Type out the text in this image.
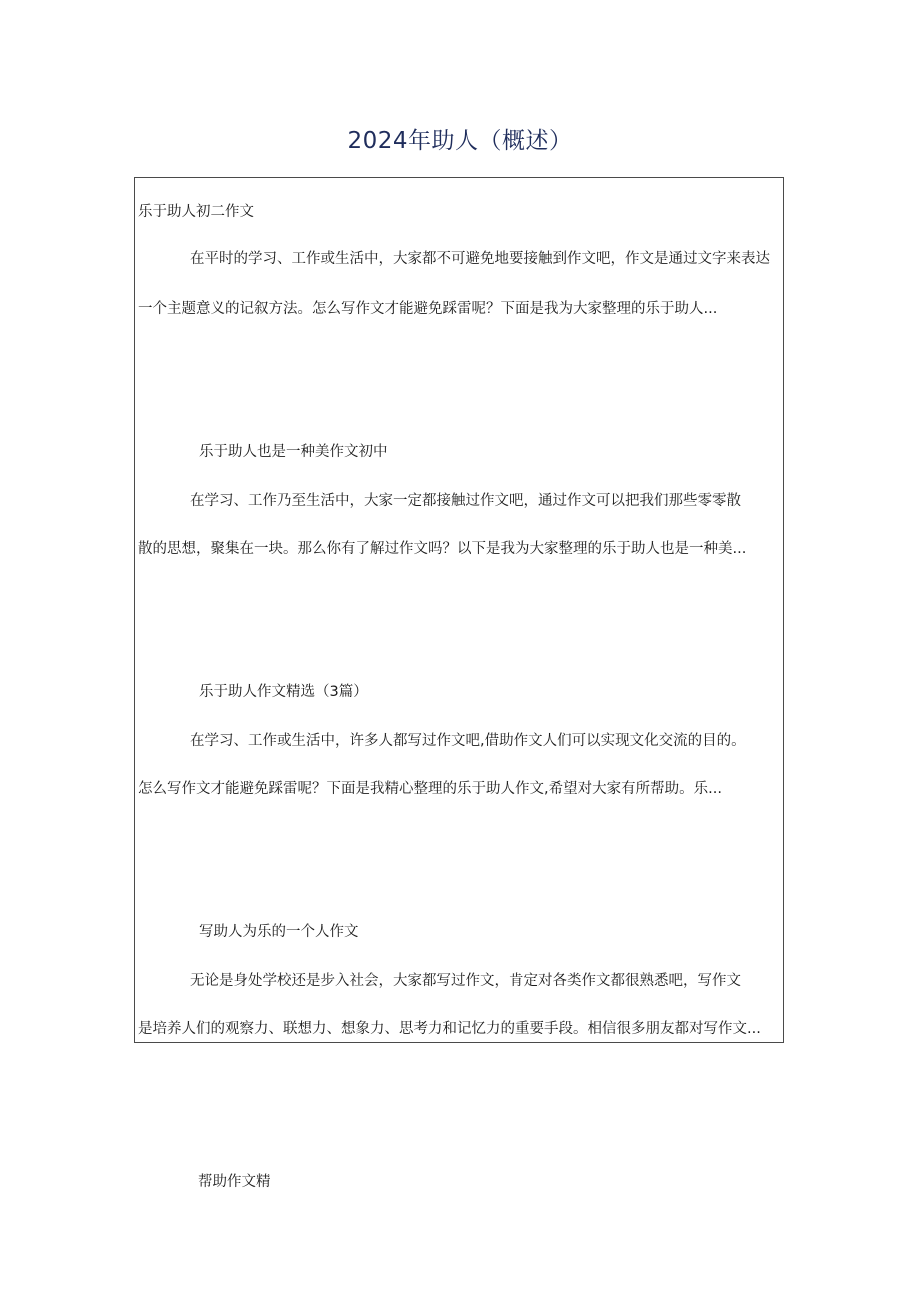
2024年助人（概述）
乐于助人初二作文
在平时的学习、工作或生活中，大家都不可避免地要接触到作文吧，作文是通过文字来表达
一个主题意义的记叙方法。怎么写作文才能避免踩雷呢？下面是我为大家整理的乐于助人...
乐于助人也是一种美作文初中
在学习、工作乃至生活中，大家一定都接触过作文吧，通过作文可以把我们那些零零散
散的思想，聚集在一块。那么你有了解过作文吗？以下是我为大家整理的乐于助人也是一种美...
乐于助人作文精选（3篇）
在学习、工作或生活中，许多人都写过作文吧,借助作文人们可以实现文化交流的目的。
怎么写作文才能避免踩雷呢？下面是我精心整理的乐于助人作文,希望对大家有所帮助。乐...
写助人为乐的一个人作文
无论是身处学校还是步入社会，大家都写过作文，肯定对各类作文都很熟悉吧，写作文
是培养人们的观察力、联想力、想象力、思考力和记忆力的重要手段。相信很多朋友都对写作文...
帮助作文精
